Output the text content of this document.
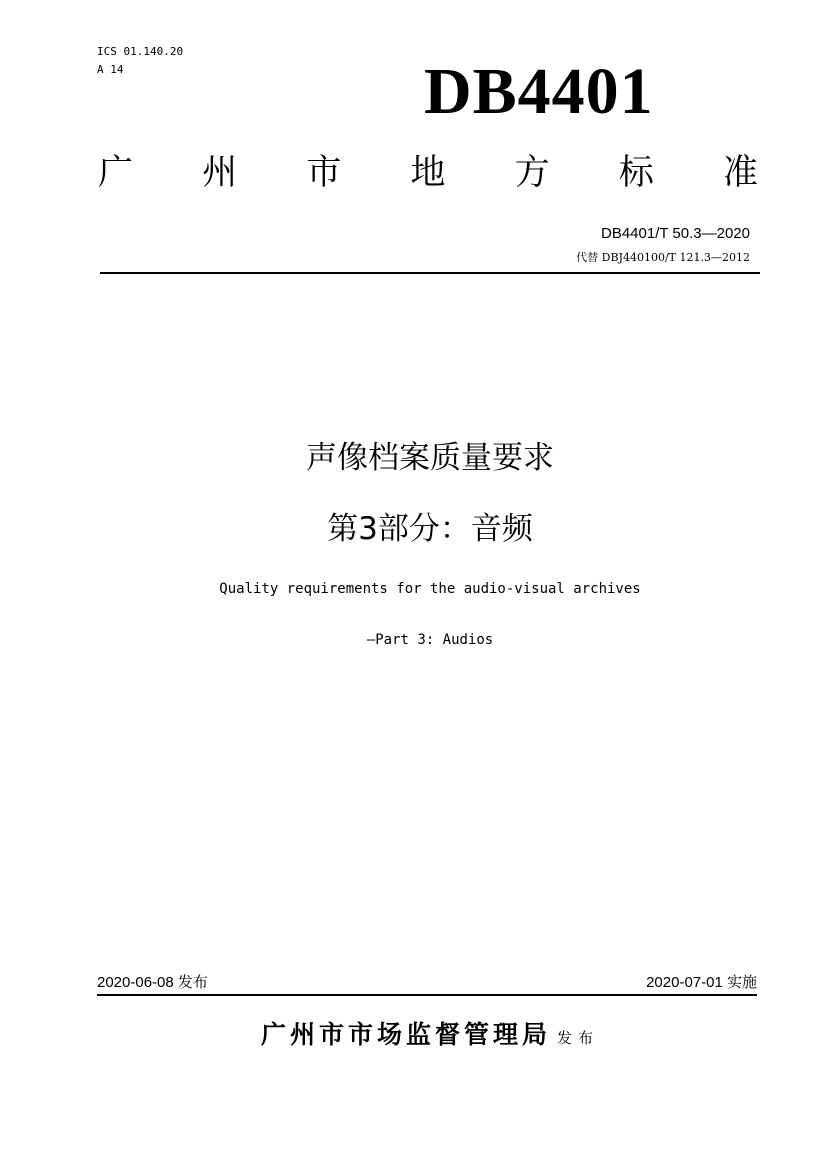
ICS 01.140.20
A 14	DB4401
广 州 市 地 方 标 准
DB4401/T 50.3—2020
代替 DBJ440100/T 121.3—2012
声像档案质量要求
第3部分：音频
Quality requirements for the audio-visual archives
—Part 3: Audios
2020-06-08 发布	2020-07-01 实施
广州市市场监督管理局 发布
